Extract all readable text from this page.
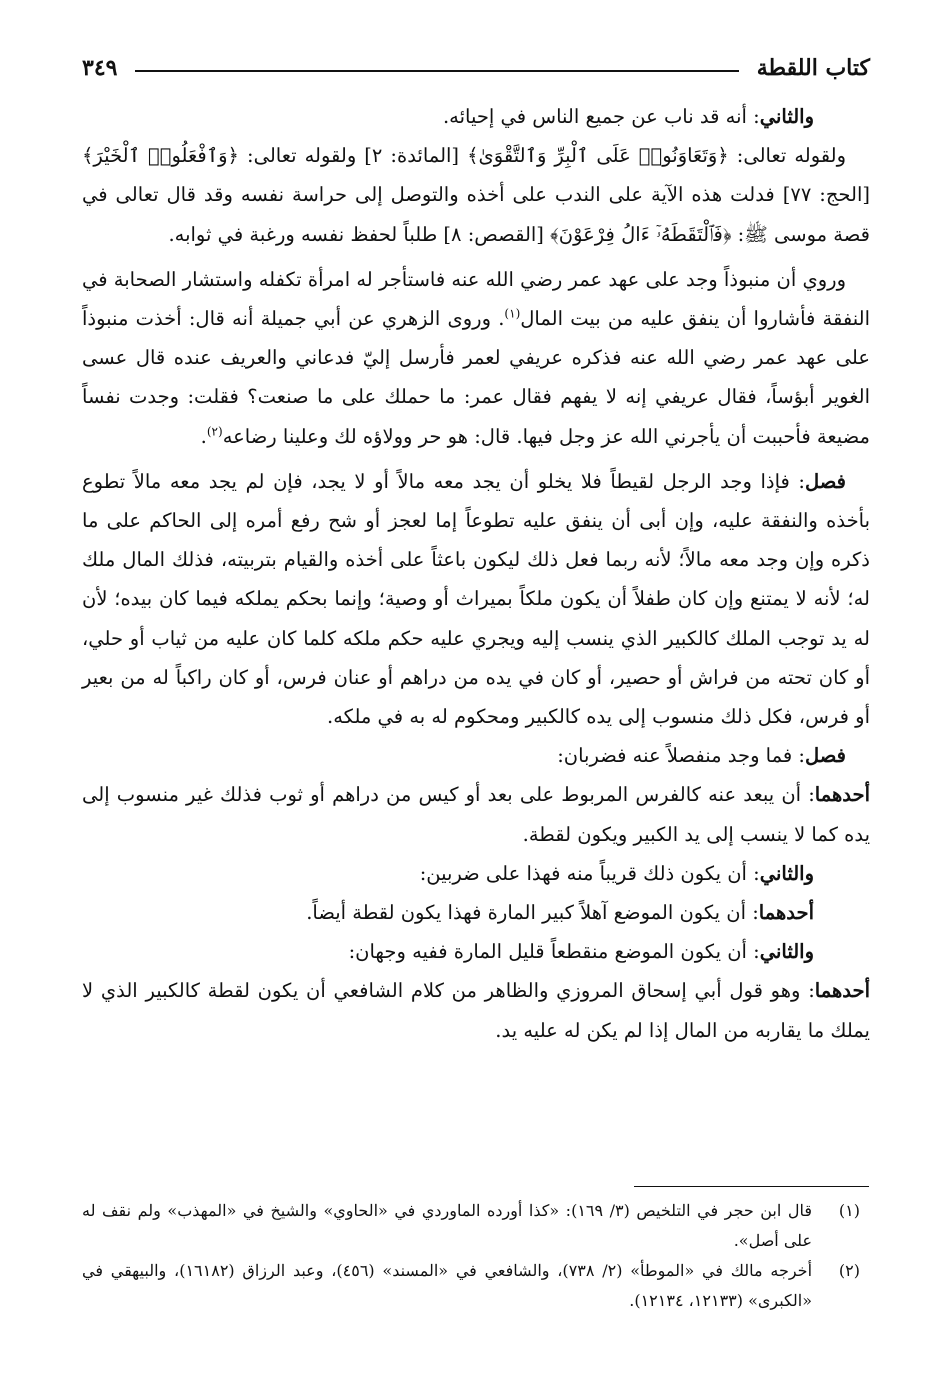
كتاب اللقطة
٣٤٩

والثاني: أنه قد ناب عن جميع الناس في إحيائه.

ولقوله تعالى: ﴿وَتَعَاوَنُوا۟ عَلَى ٱلْبِرِّ وَٱلتَّقْوَىٰ﴾ [المائدة: ٢] ولقوله تعالى: ﴿وَٱفْعَلُوا۟ ٱلْخَيْرَ﴾ [الحج: ٧٧] فدلت هذه الآية على الندب على أخذه والتوصل إلى حراسة نفسه وقد قال تعالى في قصة موسى ﷺ: ﴿فَٱلْتَقَطَهُۥٓ ءَالُ فِرْعَوْنَ﴾ [القصص: ٨] طلباً لحفظ نفسه ورغبة في ثوابه.

وروي أن منبوذاً وجد على عهد عمر رضي الله عنه فاستأجر له امرأة تكفله واستشار الصحابة في النفقة فأشاروا أن ينفق عليه من بيت المال$^{(١)}$. وروى الزهري عن أبي جميلة أنه قال: أخذت منبوذاً على عهد عمر رضي الله عنه فذكره عريفي لعمر فأرسل إليّ فدعاني والعريف عنده قال عسى الغوير أبؤساً، فقال عريفي إنه لا يفهم فقال عمر: ما حملك على ما صنعت؟ فقلت: وجدت نفساً مضيعة فأحببت أن يأجرني الله عز وجل فيها. قال: هو حر وولاؤه لك وعلينا رضاعه$^{(٢)}$.

فصل: فإذا وجد الرجل لقيطاً فلا يخلو أن يجد معه مالاً أو لا يجد، فإن لم يجد معه مالاً تطوع بأخذه والنفقة عليه، وإن أبى أن ينفق عليه تطوعاً إما لعجز أو شح رفع أمره إلى الحاكم على ما ذكره وإن وجد معه مالاً؛ لأنه ربما فعل ذلك ليكون باعثاً على أخذه والقيام بتربيته، فذلك المال ملك له؛ لأنه لا يمتنع وإن كان طفلاً أن يكون ملكاً بميراث أو وصية؛ وإنما بحكم يملكه فيما كان بيده؛ لأن له يد توجب الملك كالكبير الذي ينسب إليه ويجري عليه حكم ملكه كلما كان عليه من ثياب أو حلي، أو كان تحته من فراش أو حصير، أو كان في يده من دراهم أو عنان فرس، أو كان راكباً له من بعير أو فرس، فكل ذلك منسوب إلى يده كالكبير ومحكوم له به في ملكه.

فصل: فما وجد منفصلاً عنه فضربان:

أحدهما: أن يبعد عنه كالفرس المربوط على بعد أو كيس من دراهم أو ثوب فذلك غير منسوب إلى يده كما لا ينسب إلى يد الكبير ويكون لقطة.

والثاني: أن يكون ذلك قريباً منه فهذا على ضربين:

أحدهما: أن يكون الموضع آهلاً كبير المارة فهذا يكون لقطة أيضاً.

والثاني: أن يكون الموضع منقطعاً قليل المارة ففيه وجهان:

أحدهما: وهو قول أبي إسحاق المروزي والظاهر من كلام الشافعي أن يكون لقطة كالكبير الذي لا يملك ما يقاربه من المال إذا لم يكن له عليه يد.

(١)
قال ابن حجر في التلخيص (٣/ ١٦٩): «كذا أورده الماوردي في «الحاوي» والشيخ في «المهذب» ولم نقف له على أصل».
(٢)
أخرجه مالك في «الموطأ» (٢/ ٧٣٨)، والشافعي في «المسند» (٤٥٦)، وعبد الرزاق (١٦١٨٢)، والبيهقي في «الكبرى» (١٢١٣٣، ١٢١٣٤).
